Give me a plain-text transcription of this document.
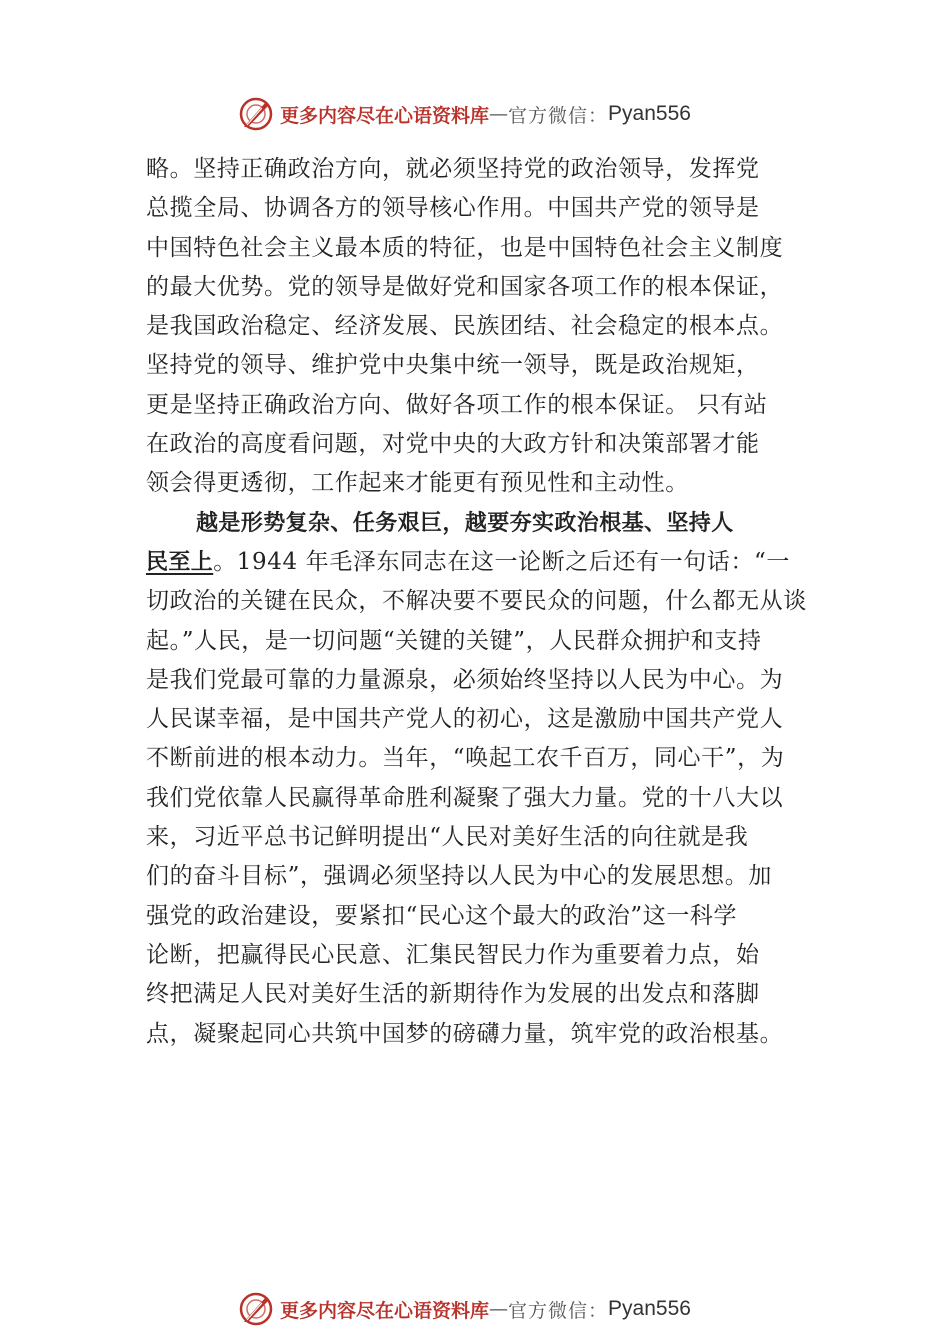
更多内容尽在心语资料库 — 官方微信： Pyan556
略。坚持正确政治方向，就必须坚持党的政治领导，发挥党
总揽全局、协调各方的领导核心作用。中国共产党的领导是
中国特色社会主义最本质的特征，也是中国特色社会主义制度
的最大优势。党的领导是做好党和国家各项工作的根本保证，
是我国政治稳定、经济发展、民族团结、社会稳定的根本点。
坚持党的领导、维护党中央集中统一领导，既是政治规矩，
更是坚持正确政治方向、做好各项工作的根本保证。 只有站
在政治的高度看问题，对党中央的大政方针和决策部署才能
领会得更透彻，工作起来才能更有预见性和主动性。
越是形势复杂、任务艰巨，越要夯实政治根基、坚持人
民至上。1944 年毛泽东同志在这一论断之后还有一句话：“一
切政治的关键在民众，不解决要不要民众的问题，什么都无从谈
起。”人民，是一切问题“关键的关键”，人民群众拥护和支持
是我们党最可靠的力量源泉，必须始终坚持以人民为中心。为
人民谋幸福，是中国共产党人的初心，这是激励中国共产党人
不断前进的根本动力。当年，“唤起工农千百万，同心干”，为
我们党依靠人民赢得革命胜利凝聚了强大力量。党的十八大以
来，习近平总书记鲜明提出“人民对美好生活的向往就是我
们的奋斗目标”，强调必须坚持以人民为中心的发展思想。加
强党的政治建设，要紧扣“民心这个最大的政治”这一科学
论断，把赢得民心民意、汇集民智民力作为重要着力点，始
终把满足人民对美好生活的新期待作为发展的出发点和落脚
点，凝聚起同心共筑中国梦的磅礴力量，筑牢党的政治根基。
更多内容尽在心语资料库 — 官方微信： Pyan556
